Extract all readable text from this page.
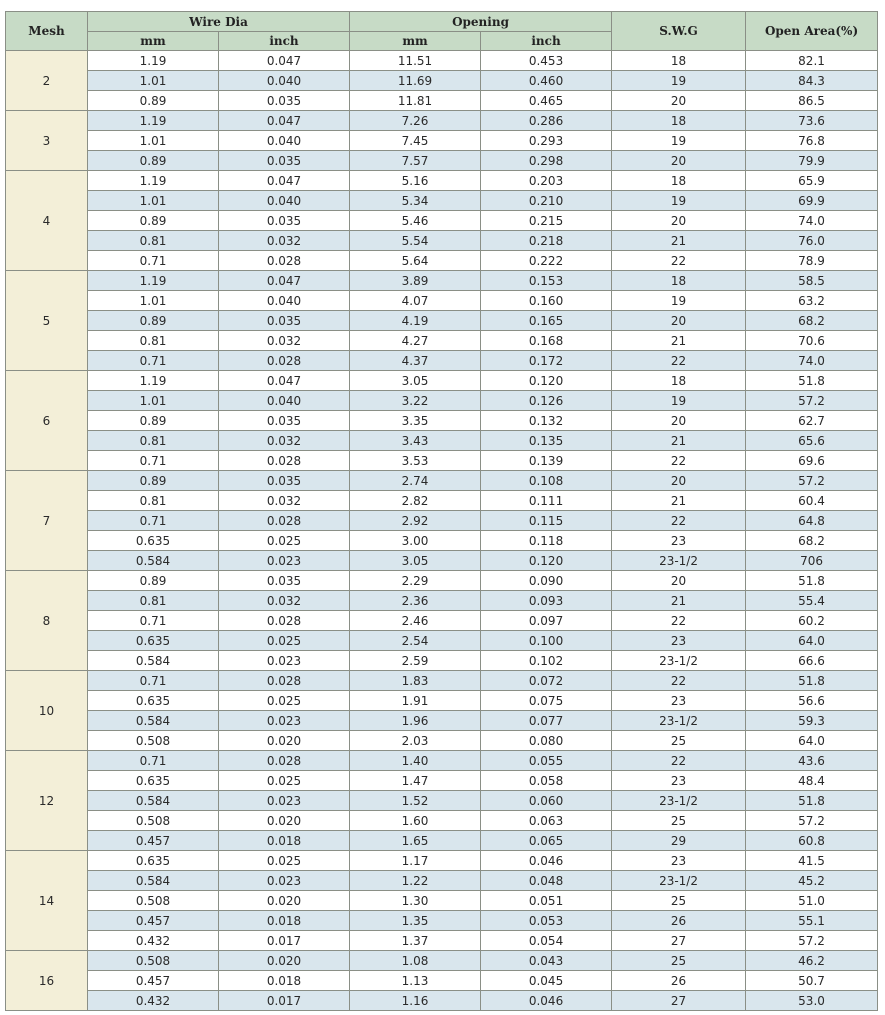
Mesh	Wire Dia		Opening		S.W.G	Open Area(%)
	mm	inch	mm	inch		
2	1.19	0.047	11.51	0.453	18	82.1
	1.01	0.040	11.69	0.460	19	84.3
	0.89	0.035	11.81	0.465	20	86.5
3	1.19	0.047	7.26	0.286	18	73.6
	1.01	0.040	7.45	0.293	19	76.8
	0.89	0.035	7.57	0.298	20	79.9
4	1.19	0.047	5.16	0.203	18	65.9
	1.01	0.040	5.34	0.210	19	69.9
	0.89	0.035	5.46	0.215	20	74.0
	0.81	0.032	5.54	0.218	21	76.0
	0.71	0.028	5.64	0.222	22	78.9
5	1.19	0.047	3.89	0.153	18	58.5
	1.01	0.040	4.07	0.160	19	63.2
	0.89	0.035	4.19	0.165	20	68.2
	0.81	0.032	4.27	0.168	21	70.6
	0.71	0.028	4.37	0.172	22	74.0
6	1.19	0.047	3.05	0.120	18	51.8
	1.01	0.040	3.22	0.126	19	57.2
	0.89	0.035	3.35	0.132	20	62.7
	0.81	0.032	3.43	0.135	21	65.6
	0.71	0.028	3.53	0.139	22	69.6
7	0.89	0.035	2.74	0.108	20	57.2
	0.81	0.032	2.82	0.111	21	60.4
	0.71	0.028	2.92	0.115	22	64.8
	0.635	0.025	3.00	0.118	23	68.2
	0.584	0.023	3.05	0.120	23-1/2	706
8	0.89	0.035	2.29	0.090	20	51.8
	0.81	0.032	2.36	0.093	21	55.4
	0.71	0.028	2.46	0.097	22	60.2
	0.635	0.025	2.54	0.100	23	64.0
	0.584	0.023	2.59	0.102	23-1/2	66.6
10	0.71	0.028	1.83	0.072	22	51.8
	0.635	0.025	1.91	0.075	23	56.6
	0.584	0.023	1.96	0.077	23-1/2	59.3
	0.508	0.020	2.03	0.080	25	64.0
12	0.71	0.028	1.40	0.055	22	43.6
	0.635	0.025	1.47	0.058	23	48.4
	0.584	0.023	1.52	0.060	23-1/2	51.8
	0.508	0.020	1.60	0.063	25	57.2
	0.457	0.018	1.65	0.065	29	60.8
14	0.635	0.025	1.17	0.046	23	41.5
	0.584	0.023	1.22	0.048	23-1/2	45.2
	0.508	0.020	1.30	0.051	25	51.0
	0.457	0.018	1.35	0.053	26	55.1
	0.432	0.017	1.37	0.054	27	57.2
16	0.508	0.020	1.08	0.043	25	46.2
	0.457	0.018	1.13	0.045	26	50.7
	0.432	0.017	1.16	0.046	27	53.0
